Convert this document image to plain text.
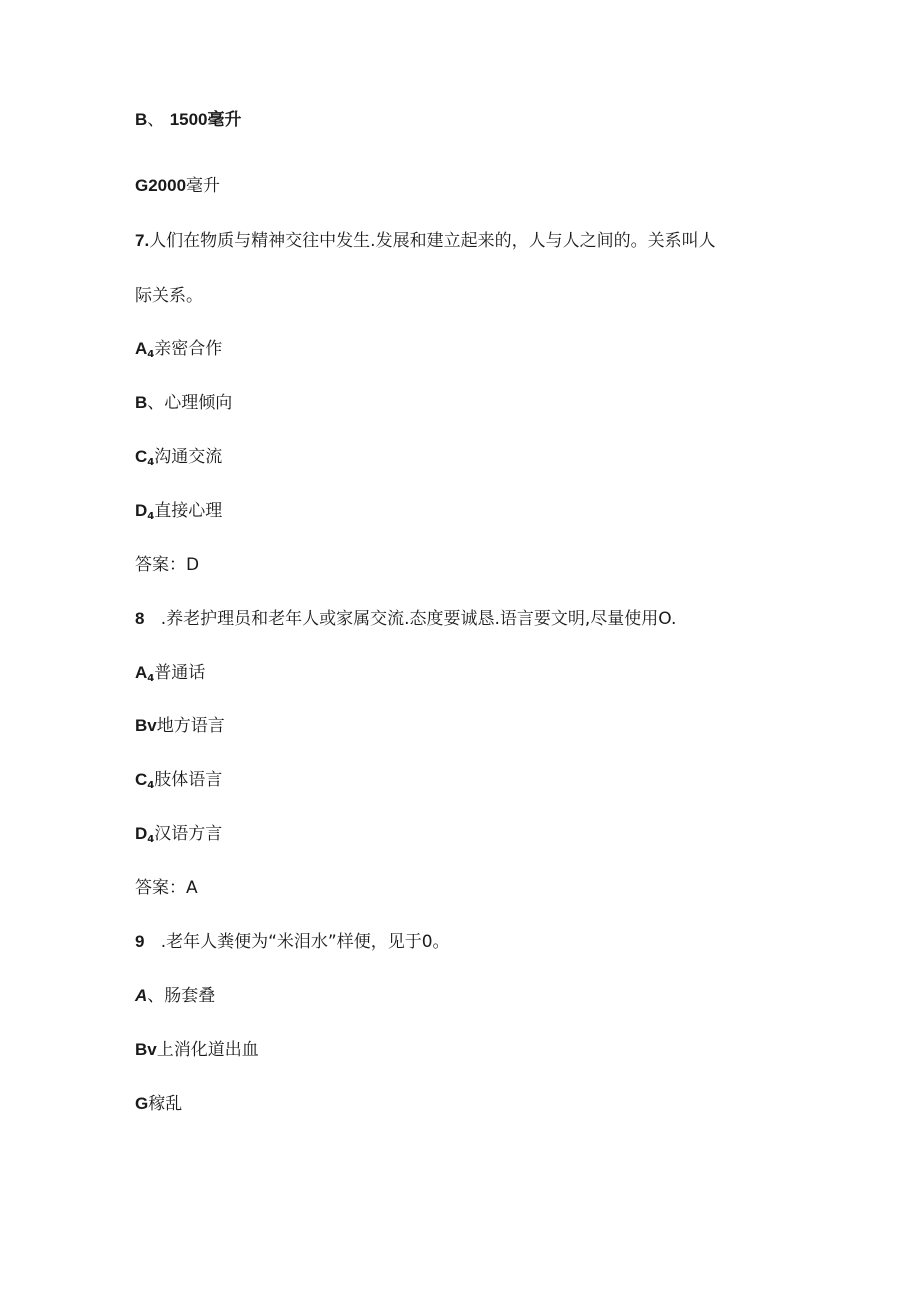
B、 1500毫升
G2000毫升
7.人们在物质与精神交往中发生.发展和建立起来的，人与人之间的。关系叫人
际关系。
$A_4$亲密合作
B、心理倾向
$C_4$沟通交流
$D_4$直接心理
答案：D
8 .养老护理员和老年人或家属交流.态度要诚恳.语言要文明,尽量使用O.
$A_4$普通话
Bv地方语言
$C_4$肢体语言
$D_4$汉语方言
答案：A
9 .老年人粪便为“米泪水”样便，见于0。
A、肠套叠
Bv上消化道出血
G稼乱
